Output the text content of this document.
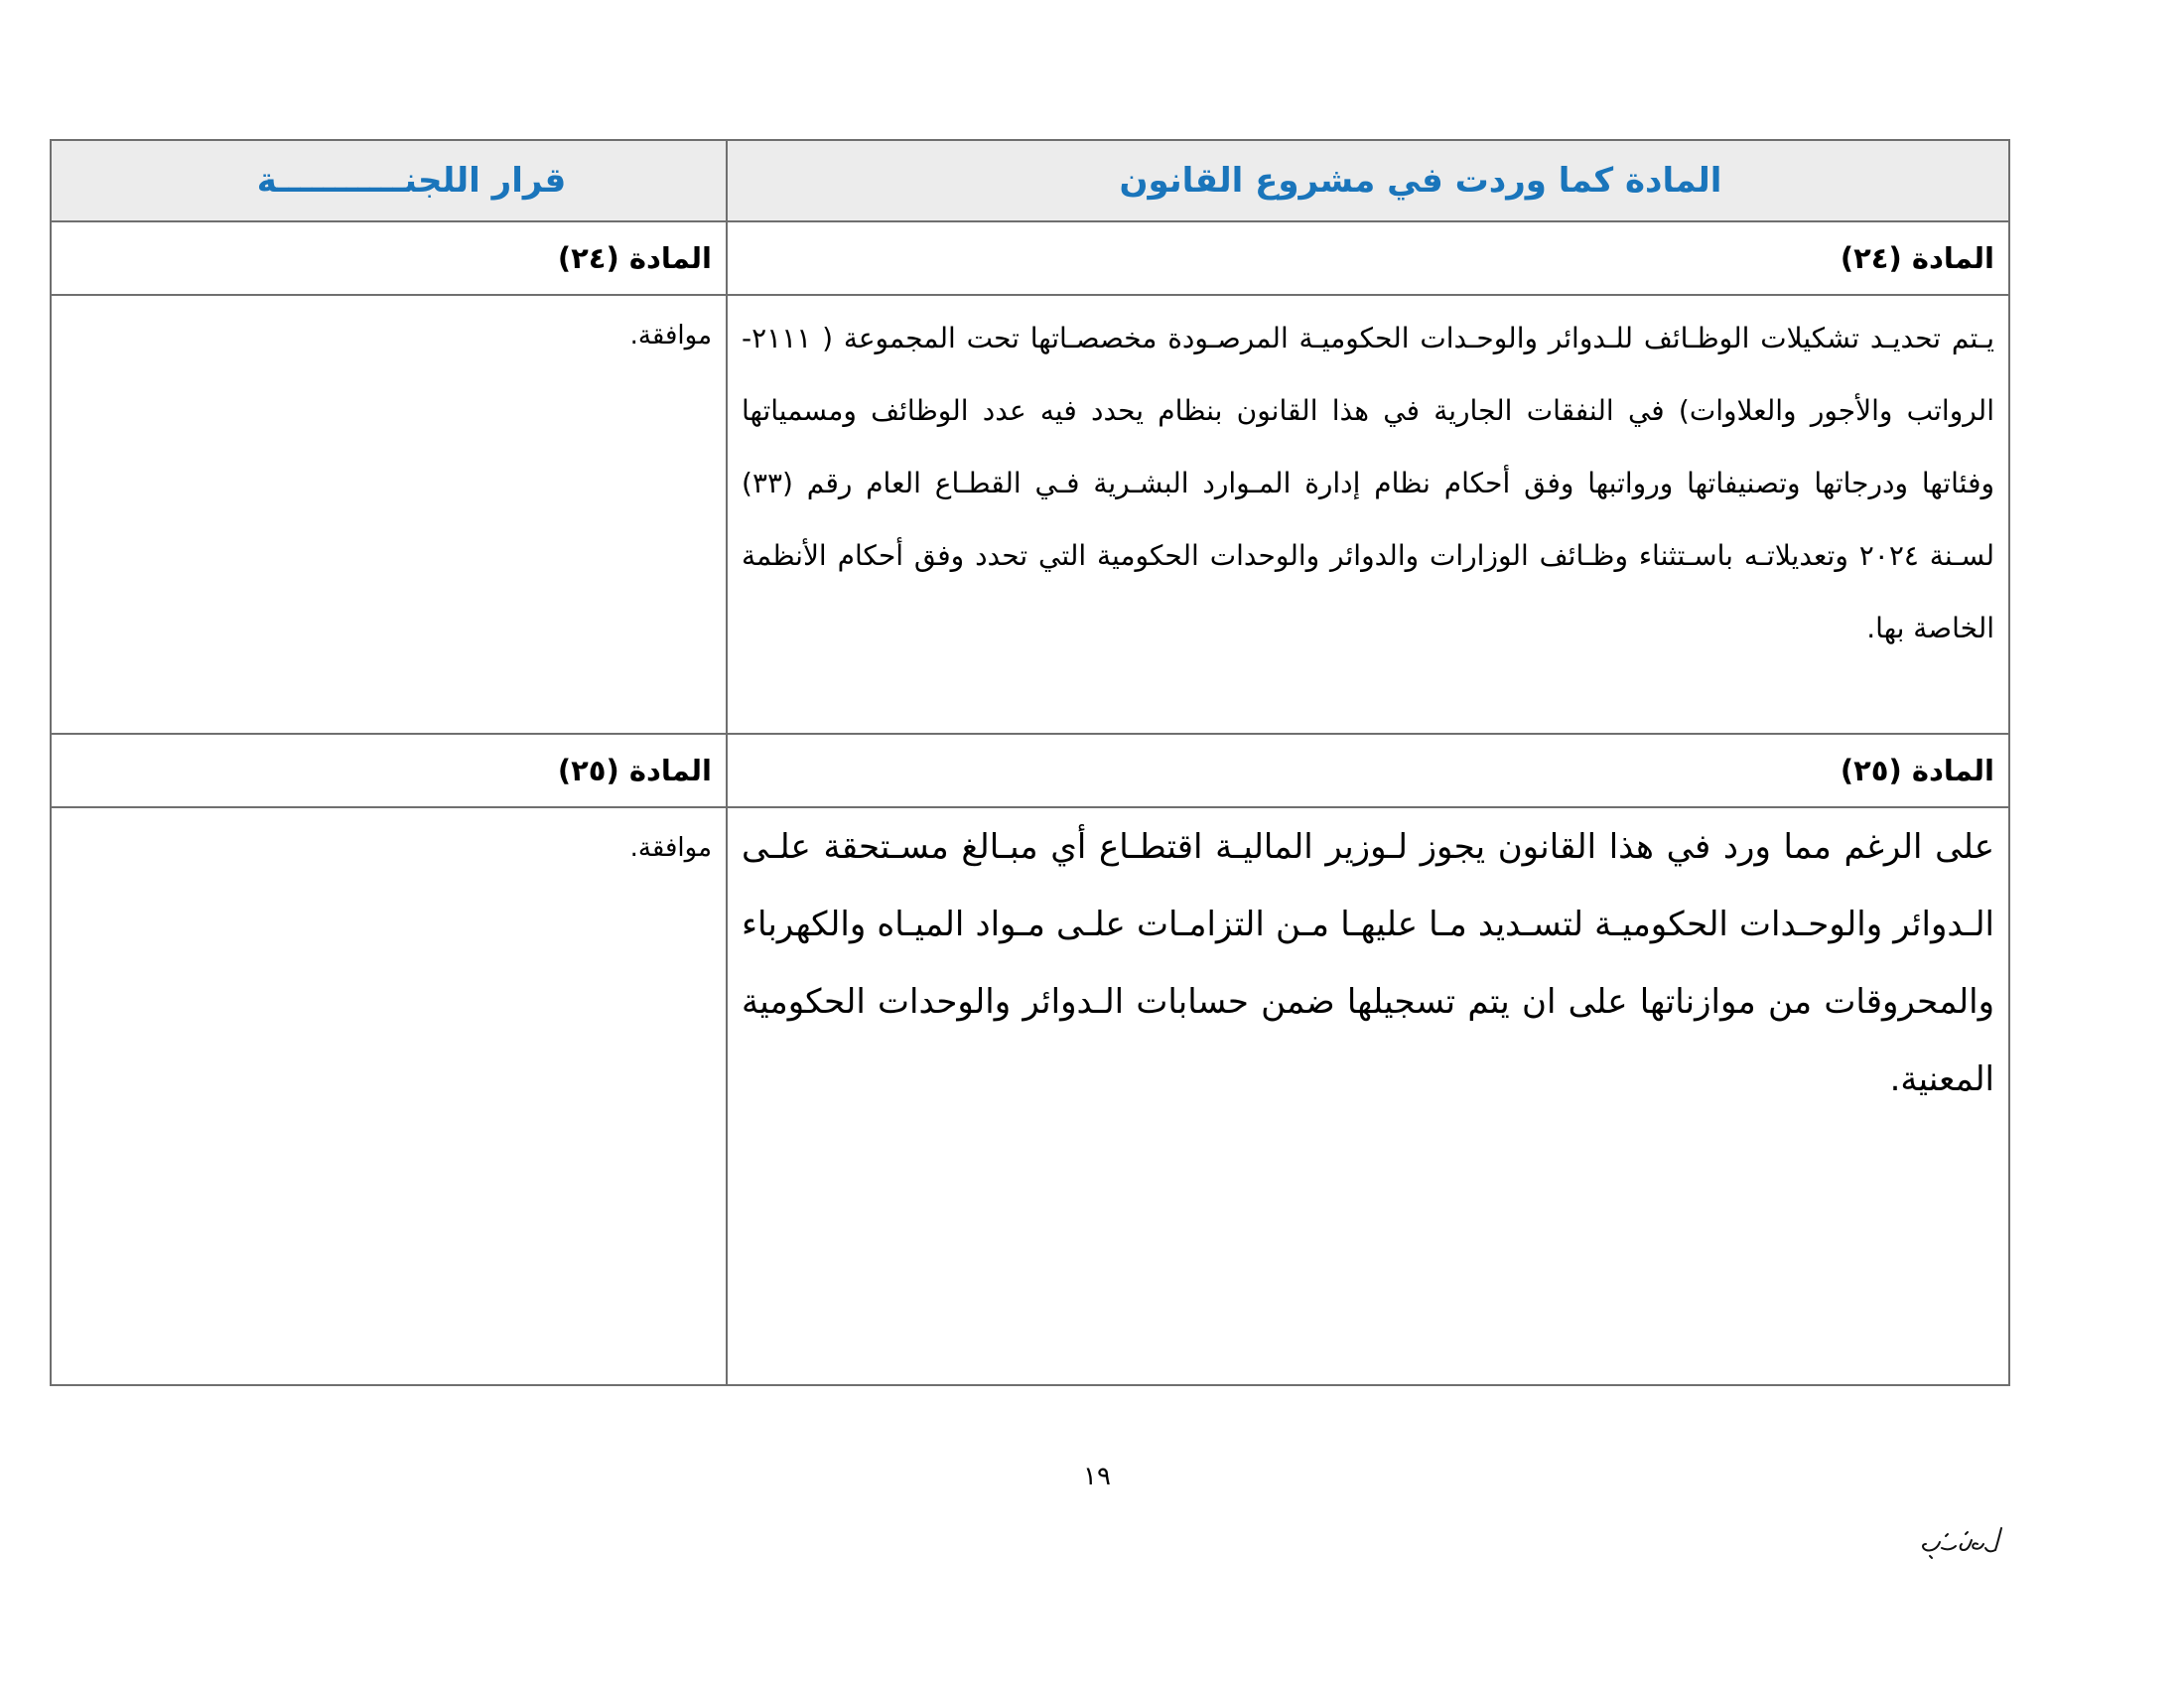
المادة كما وردت في مشروع القانون	قرار اللجنـــــــــــة
المادة (٢٤)	المادة (٢٤)

يـتم تحديـد تشكيلات الوظـائف للـدوائر والوحـدات الحكوميـة المرصـودة مخصصـاتها تحت المجموعة ( ٢١١١- الرواتب والأجور والعلاوات) في النفقات الجارية في هذا القانون بنظام يحدد فيه عدد الوظائف ومسمياتها وفئاتها ودرجاتها وتصنيفاتها ورواتبها وفق أحكام نظام إدارة المـوارد البشـرية فـي القطـاع العام رقم (٣٣) لسـنة ٢٠٢٤ وتعديلاتـه باسـتثناء وظـائف الوزارات والدوائر والوحدات الحكومية التي تحدد وفق أحكام الأنظمة الخاصة بها.	موافقة.

المادة (٢٥)	المادة (٢٥)

على الرغم مما ورد في هذا القانون يجوز لـوزير الماليـة اقتطـاع أي مبـالغ مسـتحقة علـى الـدوائر والوحـدات الحكوميـة لتسـديد مـا عليهـا مـن التزامـات علـى مـواد الميـاه والكهرباء والمحروقات من موازناتها على ان يتم تسجيلها ضمن حسابات الـدوائر والوحدات الحكومية المعنية.	موافقة.

١٩
